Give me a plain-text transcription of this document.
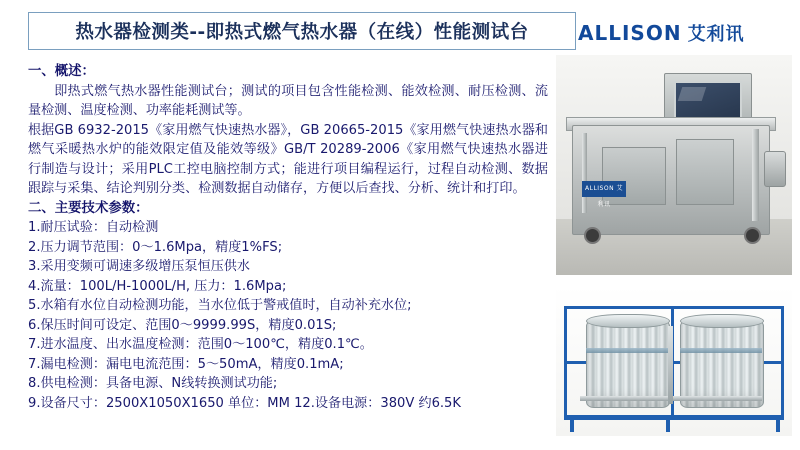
热水器检测类--即热式燃气热水器（在线）性能测试台 ALLISON 艾利讯

一、概述：

即热式燃气热水器性能测试台；测试的项目包含性能检测、能效检测、耐压检测、流量检测、温度检测、功率能耗测试等。

根据GB 6932-2015《家用燃气快速热水器》，GB 20665-2015《家用燃气快速热水器和燃气采暖热水炉的能效限定值及能效等级》GB/T 20289-2006《家用燃气快速热水器进行制造与设计；采用PLC工控电脑控制方式；能进行项目编程运行，过程自动检测、数据跟踪与采集、结论判别分类、检测数据自动储存，方便以后查找、分析、统计和打印。

二、主要技术参数：

1.耐压试验：自动检测

2.压力调节范围：0～1.6Mpa，精度1%FS;

3.采用变频可调速多级增压泵恒压供水

4.流量：100L/H-1000L/H, 压力：1.6Mpa;

5.水箱有水位自动检测功能，当水位低于警戒值时，自动补充水位;

6.保压时间可设定、范围0～9999.99S，精度0.01S;

7.进水温度、出水温度检测：范围0～100℃，精度0.1℃。

7.漏电检测：漏电电流范围：5～50mA，精度0.1mA;

8.供电检测：具备电源、N线转换测试功能;

9.设备尺寸：2500X1050X1650 单位：MM 12.设备电源：380V 约6.5K

ALLISON 艾利讯
